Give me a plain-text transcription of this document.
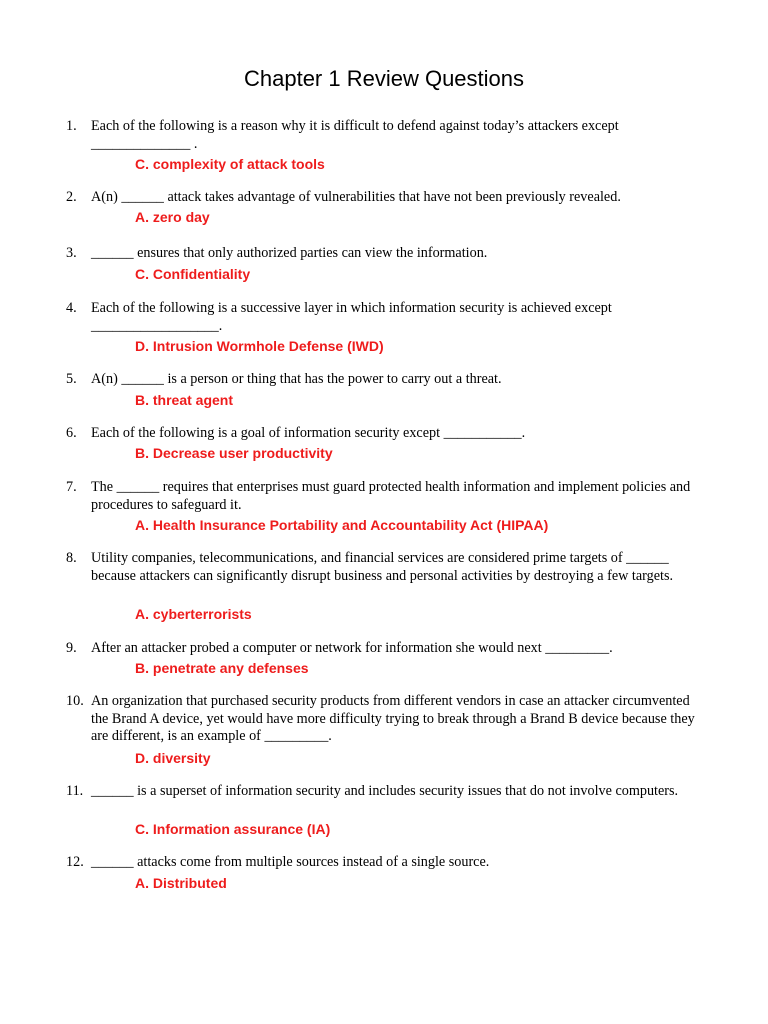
Chapter 1 Review Questions
1. Each of the following is a reason why it is difficult to defend against today’s attackers except
______________ .
C. complexity of attack tools
2. A(n) ______ attack takes advantage of vulnerabilities that have not been previously revealed.
A. zero day
3. ______ ensures that only authorized parties can view the information.
C. Confidentiality
4. Each of the following is a successive layer in which information security is achieved except
__________________.
D. Intrusion Wormhole Defense (IWD)
5. A(n) ______ is a person or thing that has the power to carry out a threat.
B. threat agent
6. Each of the following is a goal of information security except ___________.
B. Decrease user productivity
7. The ______ requires that enterprises must guard protected health information and implement policies and procedures to safeguard it.
A. Health Insurance Portability and Accountability Act (HIPAA)
8. Utility companies, telecommunications, and financial services are considered prime targets of ______ because attackers can significantly disrupt business and personal activities by destroying a few targets.
A. cyberterrorists
9. After an attacker probed a computer or network for information she would next _________.
B. penetrate any defenses
10. An organization that purchased security products from different vendors in case an attacker circumvented the Brand A device, yet would have more difficulty trying to break through a Brand B device because they are different, is an example of _________.
D. diversity
11. ______ is a superset of information security and includes security issues that do not involve computers.
C. Information assurance (IA)
12. ______ attacks come from multiple sources instead of a single source.
A. Distributed
